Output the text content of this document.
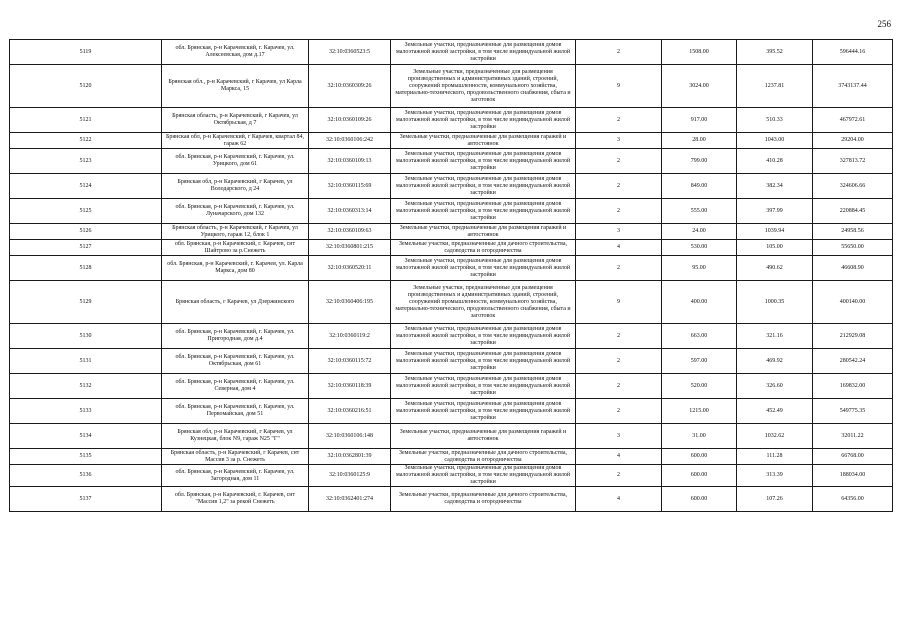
256
5119	обл. Брянская, р-н Карачевский, г. Карачев, ул. Алексеевская, дом д.17	32:10:0360523:5	Земельные участки, предназначенные для размещения домов малоэтажной жилой застройки, в том числе индивидуальной жилой застройки	2	1508.00	395.52	596444.16
5120	Брянская обл., р-н Карачевский, г Карачев, ул Карла Маркса, 15	32:10:0360309:26	Земельные участки, предназначенные для размещения производственных и административных зданий, строений, сооружений промышленности, коммунального хозяйства, материально-технического, продовольственного снабжения, сбыта и заготовок	9	3024.00	1237.81	3743137.44
5121	Брянская область, р-н Карачевский, г Карачев, ул Октябрьская, д 7	32:10:0360109:26	Земельные участки, предназначенные для размещения домов малоэтажной жилой застройки, в том числе индивидуальной жилой застройки	2	917.00	510.33	467972.61
5122	Брянская обл, р-н Карачевский, г Карачев, квартал 84, гараж 62	32:10:0360106:242	Земельные участки, предназначенные для размещения гаражей и автостоянок	3	28.00	1043.00	29204.00
5123	обл. Брянская, р-н Карачевский, г. Карачев, ул. Урицкого, дом 61	32:10:0360109:13	Земельные участки, предназначенные для размещения домов малоэтажной жилой застройки, в том числе индивидуальной жилой застройки	2	799.00	410.28	327813.72
5124	Брянская обл, р-н Карачевский, г Карачев, ул Володарского, д 24	32:10:0360115:69	Земельные участки, предназначенные для размещения домов малоэтажной жилой застройки, в том числе индивидуальной жилой застройки	2	849.00	382.34	324606.66
5125	обл. Брянская, р-н Карачевский, г. Карачев, ул. Луначарского, дом 132	32:10:0360313:14	Земельные участки, предназначенные для размещения домов малоэтажной жилой застройки, в том числе индивидуальной жилой застройки	2	555.00	397.99	220884.45
5126	Брянская область, р-н Карачевский, г Карачев, ул Урицкого, гараж 12, блок 1	32:10:0360109:63	Земельные участки, предназначенные для размещения гаражей и автостоянок	3	24.00	1039.94	24958.56
5127	обл. Брянская, р-н Карачевский, г. Карачев, снт Шайтрово за р.Снежеть	32:10:0360801:215	Земельные участки, предназначенные для дачного строительства, садоводства и огородничества	4	530.00	105.00	55650.00
5128	обл. Брянская, р-н Карачевский, г. Карачев, ул. Карла Маркса, дом 80	32:10:0360520:11	Земельные участки, предназначенные для размещения домов малоэтажной жилой застройки, в том числе индивидуальной жилой застройки	2	95.00	490.62	46608.90
5129	Брянская область, г Карачев, ул Дзержинского	32:10:0360406:195	Земельные участки, предназначенные для размещения производственных и административных зданий, строений, сооружений промышленности, коммунального хозяйства, материально-технического, продовольственного снабжения, сбыта и заготовок	9	400.00	1000.35	400140.00
5130	обл. Брянская, р-н Карачевский, г. Карачев, ул. Пригородная, дом д.4	32:10:0360119:2	Земельные участки, предназначенные для размещения домов малоэтажной жилой застройки, в том числе индивидуальной жилой застройки	2	663.00	321.16	212929.08
5131	обл. Брянская, р-н Карачевский, г. Карачев, ул. Октябрьская, дом 61	32:10:0360115:72	Земельные участки, предназначенные для размещения домов малоэтажной жилой застройки, в том числе индивидуальной жилой застройки	2	597.00	469.92	280542.24
5132	обл. Брянская, р-н Карачевский, г. Карачев, ул. Северная, дом 4	32:10:0360118:39	Земельные участки, предназначенные для размещения домов малоэтажной жилой застройки, в том числе индивидуальной жилой застройки	2	520.00	326.60	169832.00
5133	обл. Брянская, р-н Карачевский, г. Карачев, ул. Первомайская, дом 51	32:10:0360216:51	Земельные участки, предназначенные для размещения домов малоэтажной жилой застройки, в том числе индивидуальной жилой застройки	2	1215.00	452.49	549775.35
5134	Брянская обл, р-н Карачевский, г Карачев, ул Кузнецкая, блок N9, гараж N25 "Г"	32:10:0360106:148	Земельные участки, предназначенные для размещения гаражей и автостоянок	3	31.00	1032.62	32011.22
5135	Брянская область, р-н Карачевский, г Карачев, снт Массив 3 за р. Снежеть	32:10:0362801:39	Земельные участки, предназначенные для дачного строительства, садоводства и огородничества	4	600.00	111.28	66768.00
5136	обл. Брянская, р-н Карачевский, г. Карачев, ул. Загородная, дом 11	32:10:0360125:9	Земельные участки, предназначенные для размещения домов малоэтажной жилой застройки, в том числе индивидуальной жилой застройки	2	600.00	313.39	188034.00
5137	обл. Брянская, р-н Карачевский, г. Карачев, снт "Массив 1,2" за рекой Снежеть	32:10:0362401:274	Земельные участки, предназначенные для дачного строительства, садоводства и огородничества	4	600.00	107.26	64356.00
